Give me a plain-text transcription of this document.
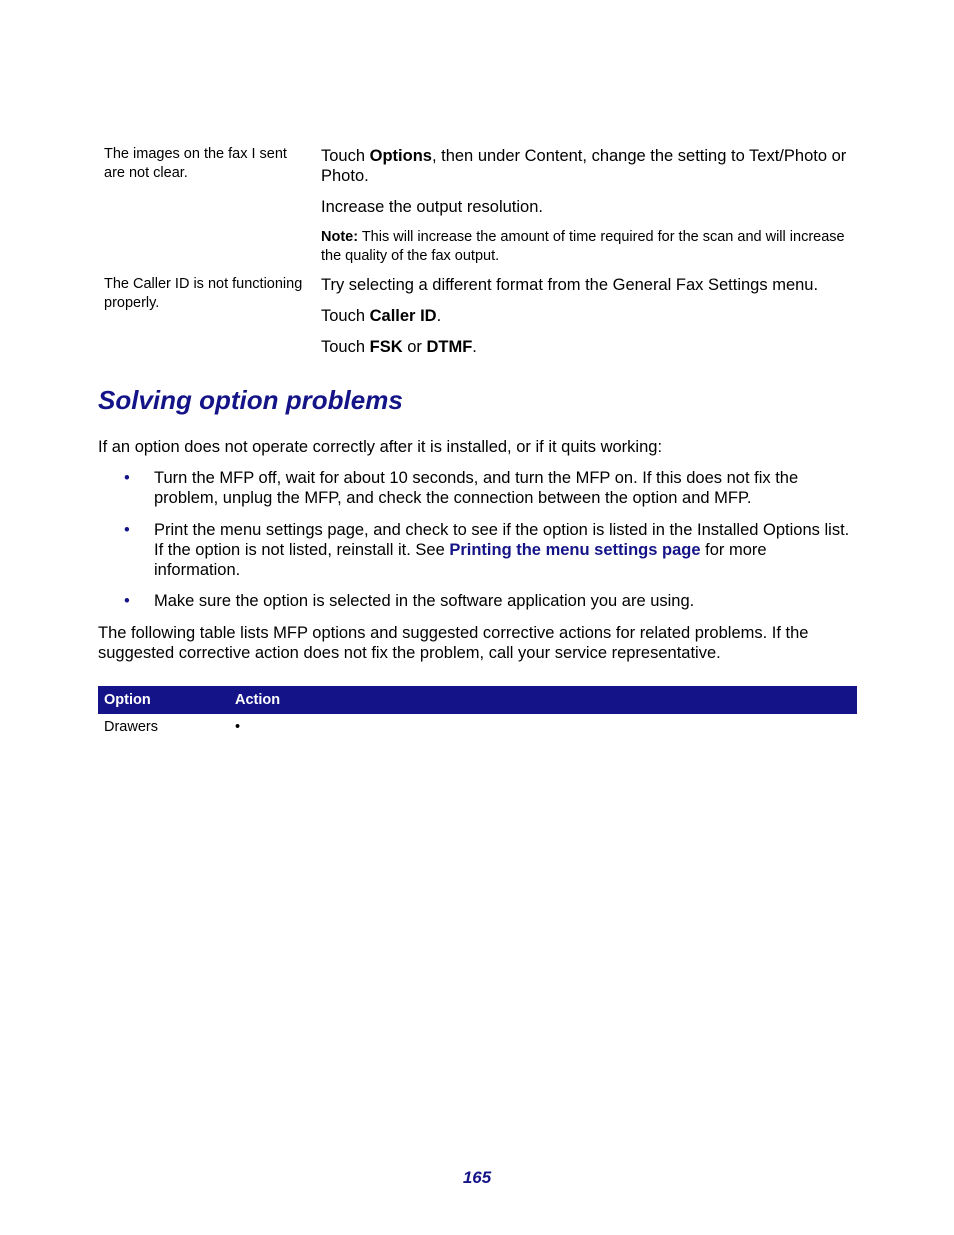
The images on the fax I sent are not clear.
Touch Options, then under Content, change the setting to Text/Photo or Photo.
Increase the output resolution.
Note: This will increase the amount of time required for the scan and will increase the quality of the fax output.
The Caller ID is not functioning properly.
Try selecting a different format from the General Fax Settings menu.
Touch Caller ID.
Touch FSK or DTMF.
Solving option problems
If an option does not operate correctly after it is installed, or if it quits working:
• Turn the MFP off, wait for about 10 seconds, and turn the MFP on. If this does not fix the problem, unplug the MFP, and check the connection between the option and MFP.
• Print the menu settings page, and check to see if the option is listed in the Installed Options list. If the option is not listed, reinstall it. See Printing the menu settings page for more information.
• Make sure the option is selected in the software application you are using.
The following table lists MFP options and suggested corrective actions for related problems. If the suggested corrective action does not fix the problem, call your service representative.
Option	Action
Drawers	•
165
